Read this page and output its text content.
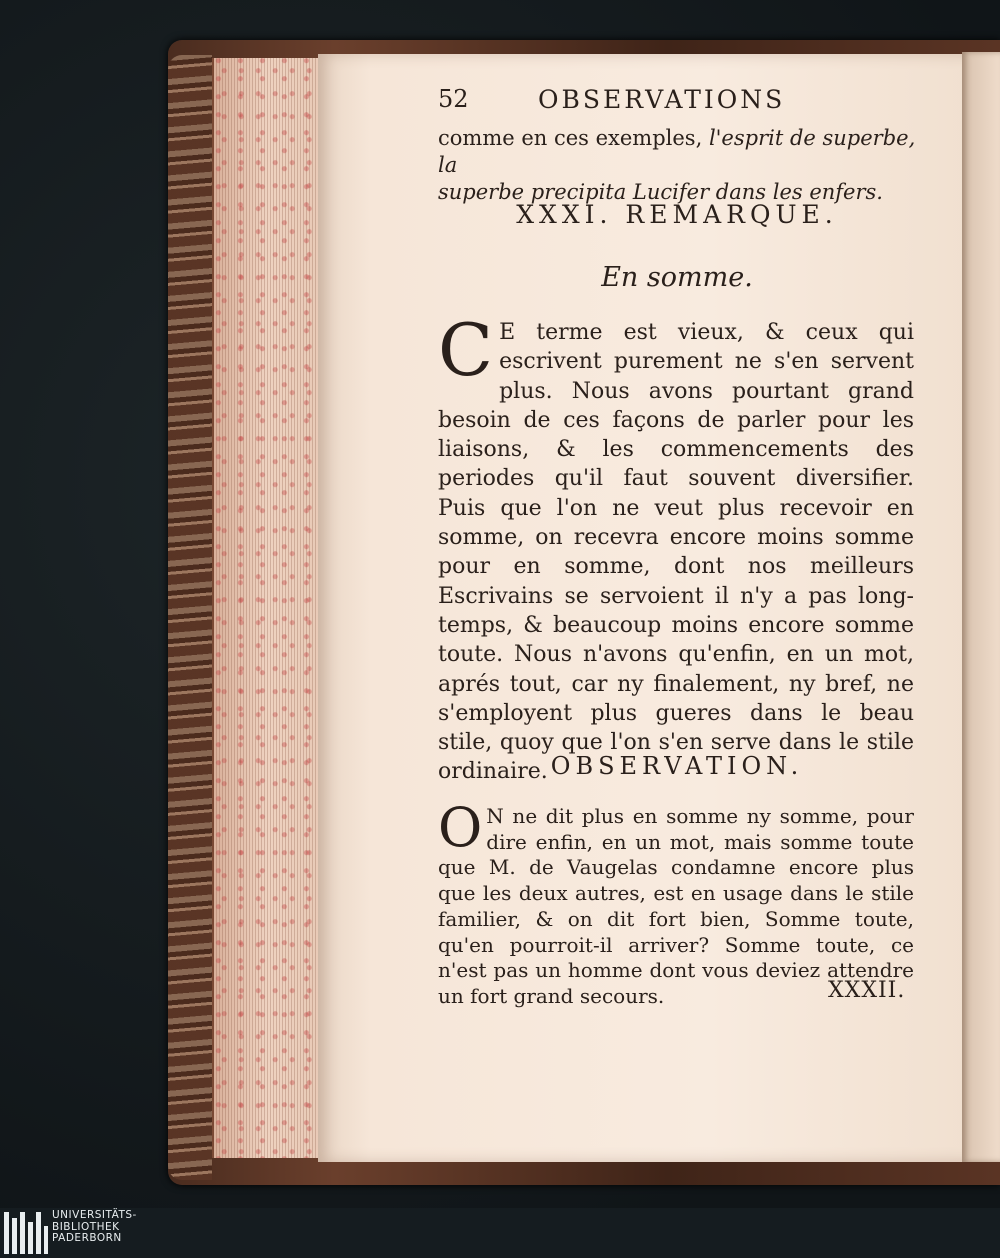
52	OBSERVATIONS
comme en ces exemples, l'esprit de superbe, la
superbe precipita Lucifer dans les enfers.
XXXI. REMARQUE.
En somme.
C E terme est vieux, & ceux qui escrivent purement ne s'en servent plus. Nous avons pourtant grand besoin de ces façons de parler pour les liaisons, & les commencements des periodes qu'il faut souvent diversifier. Puis que l'on ne veut plus recevoir en somme, on recevra encore moins somme pour en somme, dont nos meilleurs Escrivains se servoient il n'y a pas long-temps, & beaucoup moins encore somme toute. Nous n'avons qu'enfin, en un mot, aprés tout, car ny finalement, ny bref, ne s'employent plus gueres dans le beau stile, quoy que l'on s'en serve dans le stile ordinaire. OBSERVATION.
O N ne dit plus en somme ny somme, pour dire enfin, en un mot, mais somme toute que M. de Vaugelas condamne encore plus que les deux autres, est en usage dans le stile familier, & on dit fort bien, Somme toute, qu'en pourroit-il arriver? Somme toute, ce n'est pas un homme dont vous deviez attendre un fort grand secours.	XXXII.
UNIVERSITÄTS-
BIBLIOTHEK
PADERBORN
